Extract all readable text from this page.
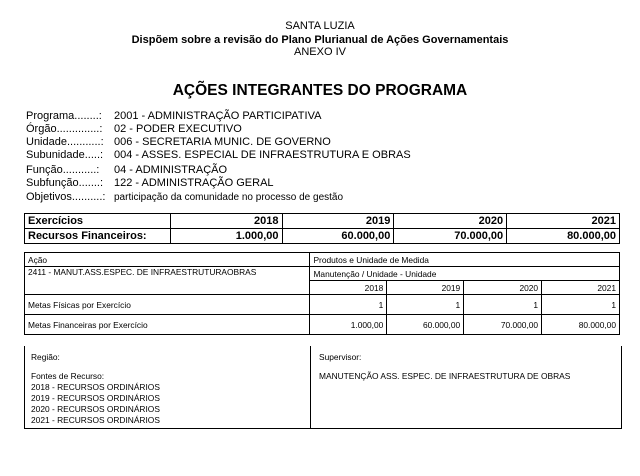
SANTA LUZIA
Dispõem sobre a revisão do Plano Plurianual de Ações Governamentais
ANEXO IV
AÇÕES INTEGRANTES DO PROGRAMA
Programa........: 2001 - ADMINISTRAÇÃO PARTICIPATIVA
Órgão..............: 02 - PODER EXECUTIVO
Unidade...........: 006 - SECRETARIA MUNIC. DE GOVERNO
Subunidade.....: 004 - ASSES. ESPECIAL DE INFRAESTRUTURA E OBRAS
Função...........: 04 - ADMINISTRAÇÃO
Subfunção.......: 122 - ADMINISTRAÇÃO GERAL
Objetivos..........: participação da comunidade no processo de gestão
Exercícios	2018	2019	2020	2021
Recursos Financeiros:	1.000,00	60.000,00	70.000,00	80.000,00
Ação	Produtos e Unidade de Medida			
2411 - MANUT.ASS.ESPEC. DE INFRAESTRUTURAOBRAS	Manutenção / Unidade - Unidade			
	2018	2019	2020	2021
Metas Físicas por Exercício	1	1	1	1
Metas Financeiras por Exercício	1.000,00	60.000,00	70.000,00	80.000,00
Região:
Fontes de Recurso:
2018 - RECURSOS ORDINÁRIOS
2019 - RECURSOS ORDINÁRIOS
2020 - RECURSOS ORDINÁRIOS
2021 - RECURSOS ORDINÁRIOS
Supervisor:
MANUTENÇÃO ASS. ESPEC. DE INFRAESTRUTURA DE OBRAS
